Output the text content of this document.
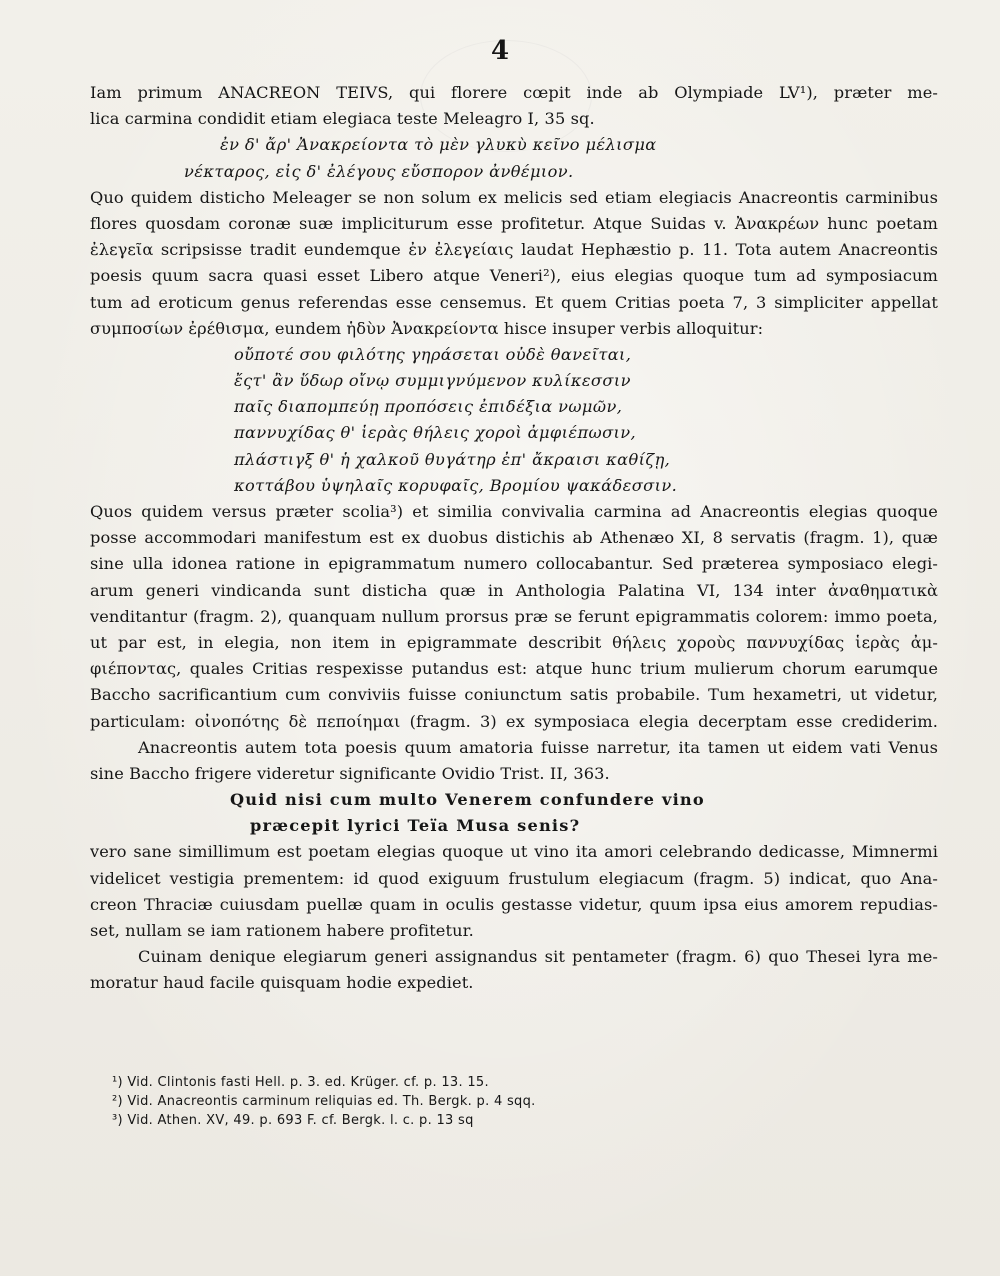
4
Iam primum ANACREON TEIVS, qui florere cœpit inde ab Olympiade LV¹), præter me-
lica carmina condidit etiam elegiaca teste Meleagro I, 35 sq.
ἐν δ' ἄρ' Ἀνακρείοντα τὸ μὲν γλυκὺ κεῖνο μέλισμα
νέκταρος, εἰς δ' ἐλέγους εὔσπορον ἀνθέμιον.
Quo quidem disticho Meleager se non solum ex melicis sed etiam elegiacis Anacreontis carminibus
flores quosdam coronæ suæ impliciturum esse profitetur. Atque Suidas v. Ἀνακρέων hunc poetam
ἐλεγεῖα scripsisse tradit eundemque ἐν ἐλεγείαις laudat Hephæstio p. 11. Tota autem Anacreontis
poesis quum sacra quasi esset Libero atque Veneri²), eius elegias quoque tum ad symposiacum
tum ad eroticum genus referendas esse censemus. Et quem Critias poeta 7, 3 simpliciter appellat
συμποσίων ἐρέθισμα, eundem ἡδὺν Ἀνακρείοντα hisce insuper verbis alloquitur:
οὔποτέ σου φιλότης γηράσεται οὐδὲ θανεῖται,
ἔςτ' ἂν ὕδωρ οἴνῳ συμμιγνύμενον κυλίκεσσιν
παῖς διαπομπεύῃ προπόσεις ἐπιδέξια νωμῶν,
παννυχίδας θ' ἱερὰς θήλεις χοροὶ ἀμφιέπωσιν,
πλάστιγξ θ' ἡ χαλκοῦ θυγάτηρ ἐπ' ἄκραισι καθίζῃ,
κοττάβου ὑψηλαῖς κορυφαῖς, Βρομίου ψακάδεσσιν.
Quos quidem versus præter scolia³) et similia convivalia carmina ad Anacreontis elegias quoque
posse accommodari manifestum est ex duobus distichis ab Athenæo XI, 8 servatis (fragm. 1), quæ
sine ulla idonea ratione in epigrammatum numero collocabantur. Sed præterea symposiaco elegi-
arum generi vindicanda sunt disticha quæ in Anthologia Palatina VI, 134 inter ἀναθηματικὰ
venditantur (fragm. 2), quanquam nullum prorsus præ se ferunt epigrammatis colorem: immo poeta,
ut par est, in elegia, non item in epigrammate describit θήλεις χοροὺς παννυχίδας ἱερὰς ἀμ-
φιέποντας, quales Critias respexisse putandus est: atque hunc trium mulierum chorum earumque
Baccho sacrificantium cum conviviis fuisse coniunctum satis probabile. Tum hexametri, ut videtur,
particulam: οἰνοπότης δὲ πεποίημαι (fragm. 3) ex symposiaca elegia decerptam esse crediderim.
Anacreontis autem tota poesis quum amatoria fuisse narretur, ita tamen ut eidem vati Venus
sine Baccho frigere videretur significante Ovidio Trist. II, 363.
Quid nisi cum multo Venerem confundere vino
præcepit lyrici Teïa Musa senis?
vero sane simillimum est poetam elegias quoque ut vino ita amori celebrando dedicasse, Mimnermi
videlicet vestigia prementem: id quod exiguum frustulum elegiacum (fragm. 5) indicat, quo Ana-
creon Thraciæ cuiusdam puellæ quam in oculis gestasse videtur, quum ipsa eius amorem repudias-
set, nullam se iam rationem habere profitetur.
Cuinam denique elegiarum generi assignandus sit pentameter (fragm. 6) quo Thesei lyra me-
moratur haud facile quisquam hodie expediet.
¹) Vid. Clintonis fasti Hell. p. 3. ed. Krüger. cf. p. 13. 15.
²) Vid. Anacreontis carminum reliquias ed. Th. Bergk. p. 4 sqq.
³) Vid. Athen. XV, 49. p. 693 F. cf. Bergk. l. c. p. 13 sq
